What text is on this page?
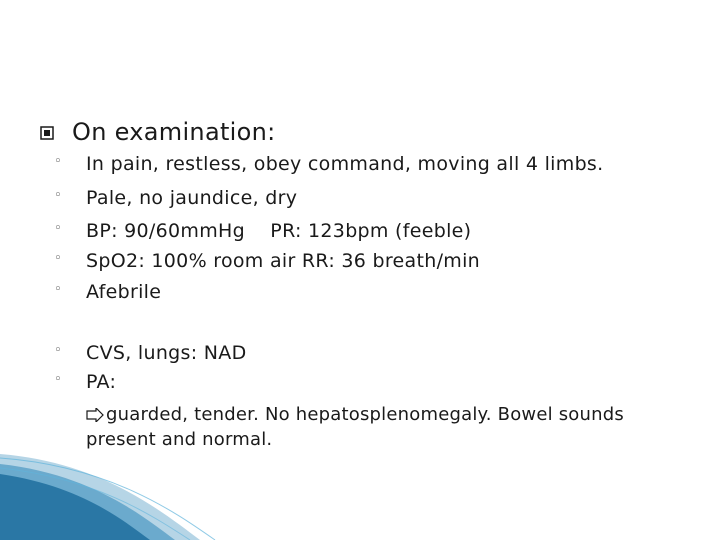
On examination:
◦ In pain, restless, obey command, moving all 4 limbs.
◦ Pale, no jaundice, dry
◦ BP: 90/60mmHg    PR: 123bpm (feeble)
◦ SpO2: 100% room air RR: 36 breath/min
◦ Afebrile
◦ CVS, lungs: NAD
◦ PA:
guarded, tender. No hepatosplenomegaly. Bowel sounds present and normal.
